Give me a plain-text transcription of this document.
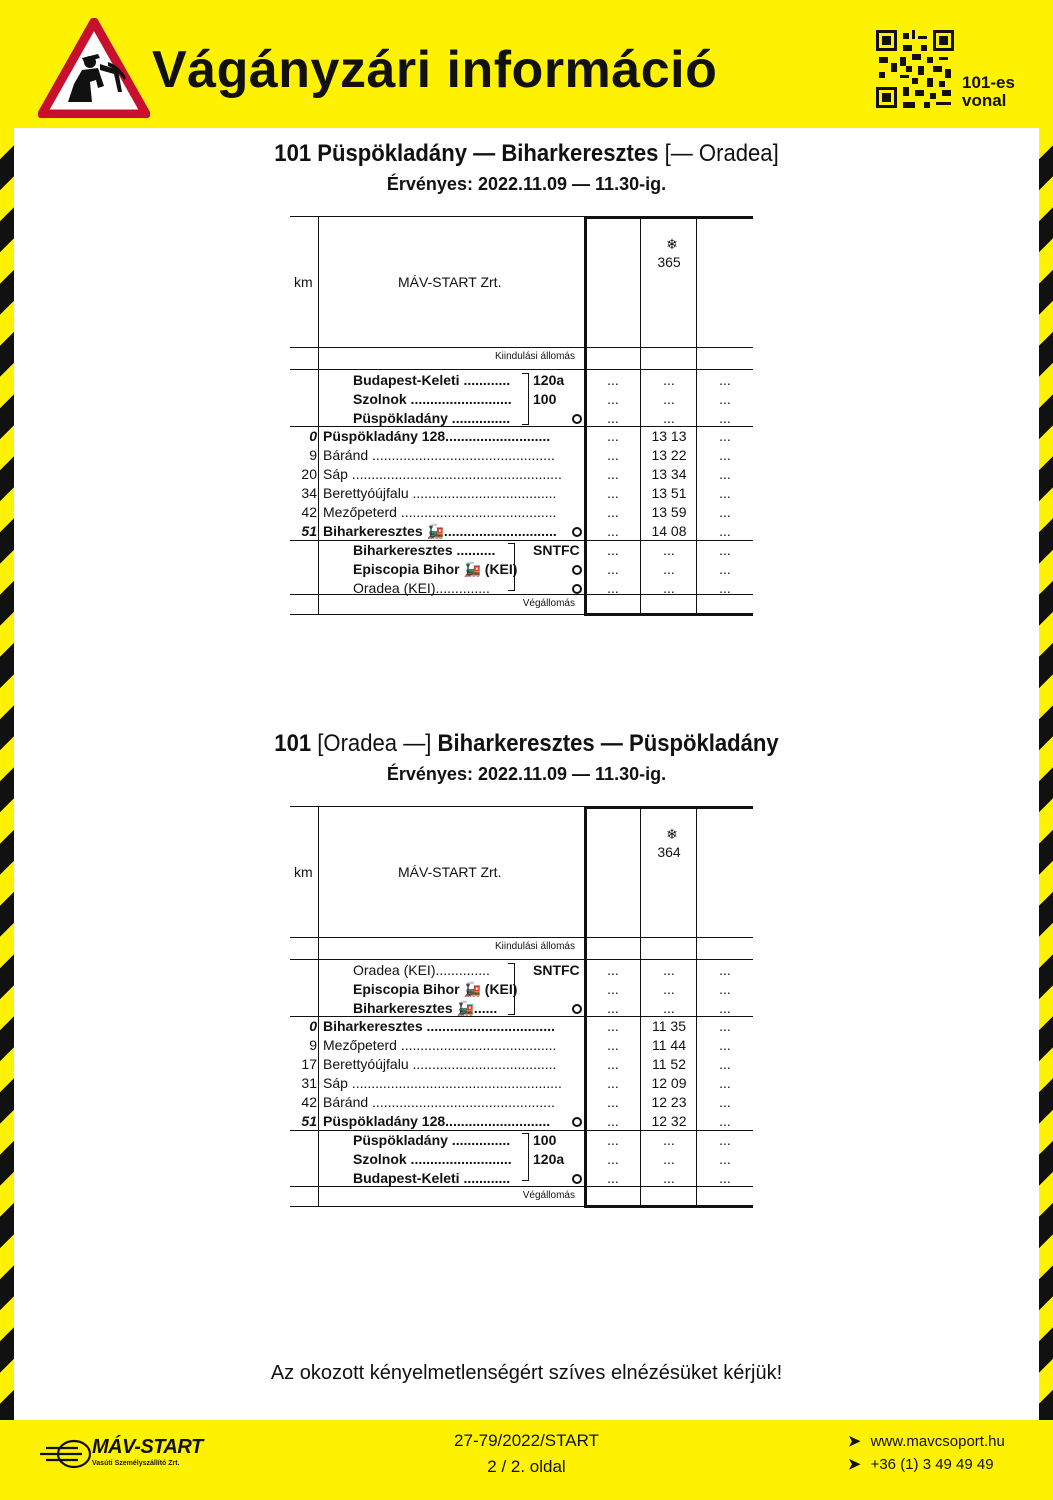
Vágányzári információ	101-es
vonal
101 Püspökladány — Biharkeresztes [— Oradea]
Érvényes: 2022.11.09 — 11.30-ig.
km	MÁV-START Zrt.
❄
365
Kiindulási állomás
Végállomás
Budapest-Keleti ............	120a	...	...	...
Szolnok ..........................	100	...	...	...
Püspökladány ...............	...	...	...
0 Püspökladány 128...........................	...	13 13	...
9 Báránd ...............................................	...	13 22	...
20 Sáp ......................................................	...	13 34	...
34 Berettyóújfalu .....................................	...	13 51	...
42 Mezőpeterd ........................................	...	13 59	...
51 Biharkeresztes 🚂.............................	...	14 08	...
Biharkeresztes ..........	SNTFC	...	...	...
Episcopia Bihor 🚂 (KEI)	...	...	...
Oradea (KEI)..............	...	...	...
101 [Oradea —] Biharkeresztes — Püspökladány
Érvényes: 2022.11.09 — 11.30-ig.
km	MÁV-START Zrt.
❄
364
Kiindulási állomás
Végállomás
Oradea (KEI)..............	SNTFC	...	...	...
Episcopia Bihor 🚂 (KEI)	...	...	...
Biharkeresztes 🚂......	...	...	...
0 Biharkeresztes .................................	...	11 35	...
9 Mezőpeterd ........................................	...	11 44	...
17 Berettyóújfalu .....................................	...	11 52	...
31 Sáp ......................................................	...	12 09	...
42 Báránd ...............................................	...	12 23	...
51 Püspökladány 128...........................	...	12 32	...
Püspökladány ...............	100	...	...	...
Szolnok ..........................	120a	...	...	...
Budapest-Keleti ............	...	...	...
Az okozott kényelmetlenségért szíves elnézésüket kérjük!
MÁV-START
Vasúti Személyszállító Zrt.
27-79/2022/START
2 / 2. oldal
➤ www.mavcsoport.hu
➤ +36 (1) 3 49 49 49
